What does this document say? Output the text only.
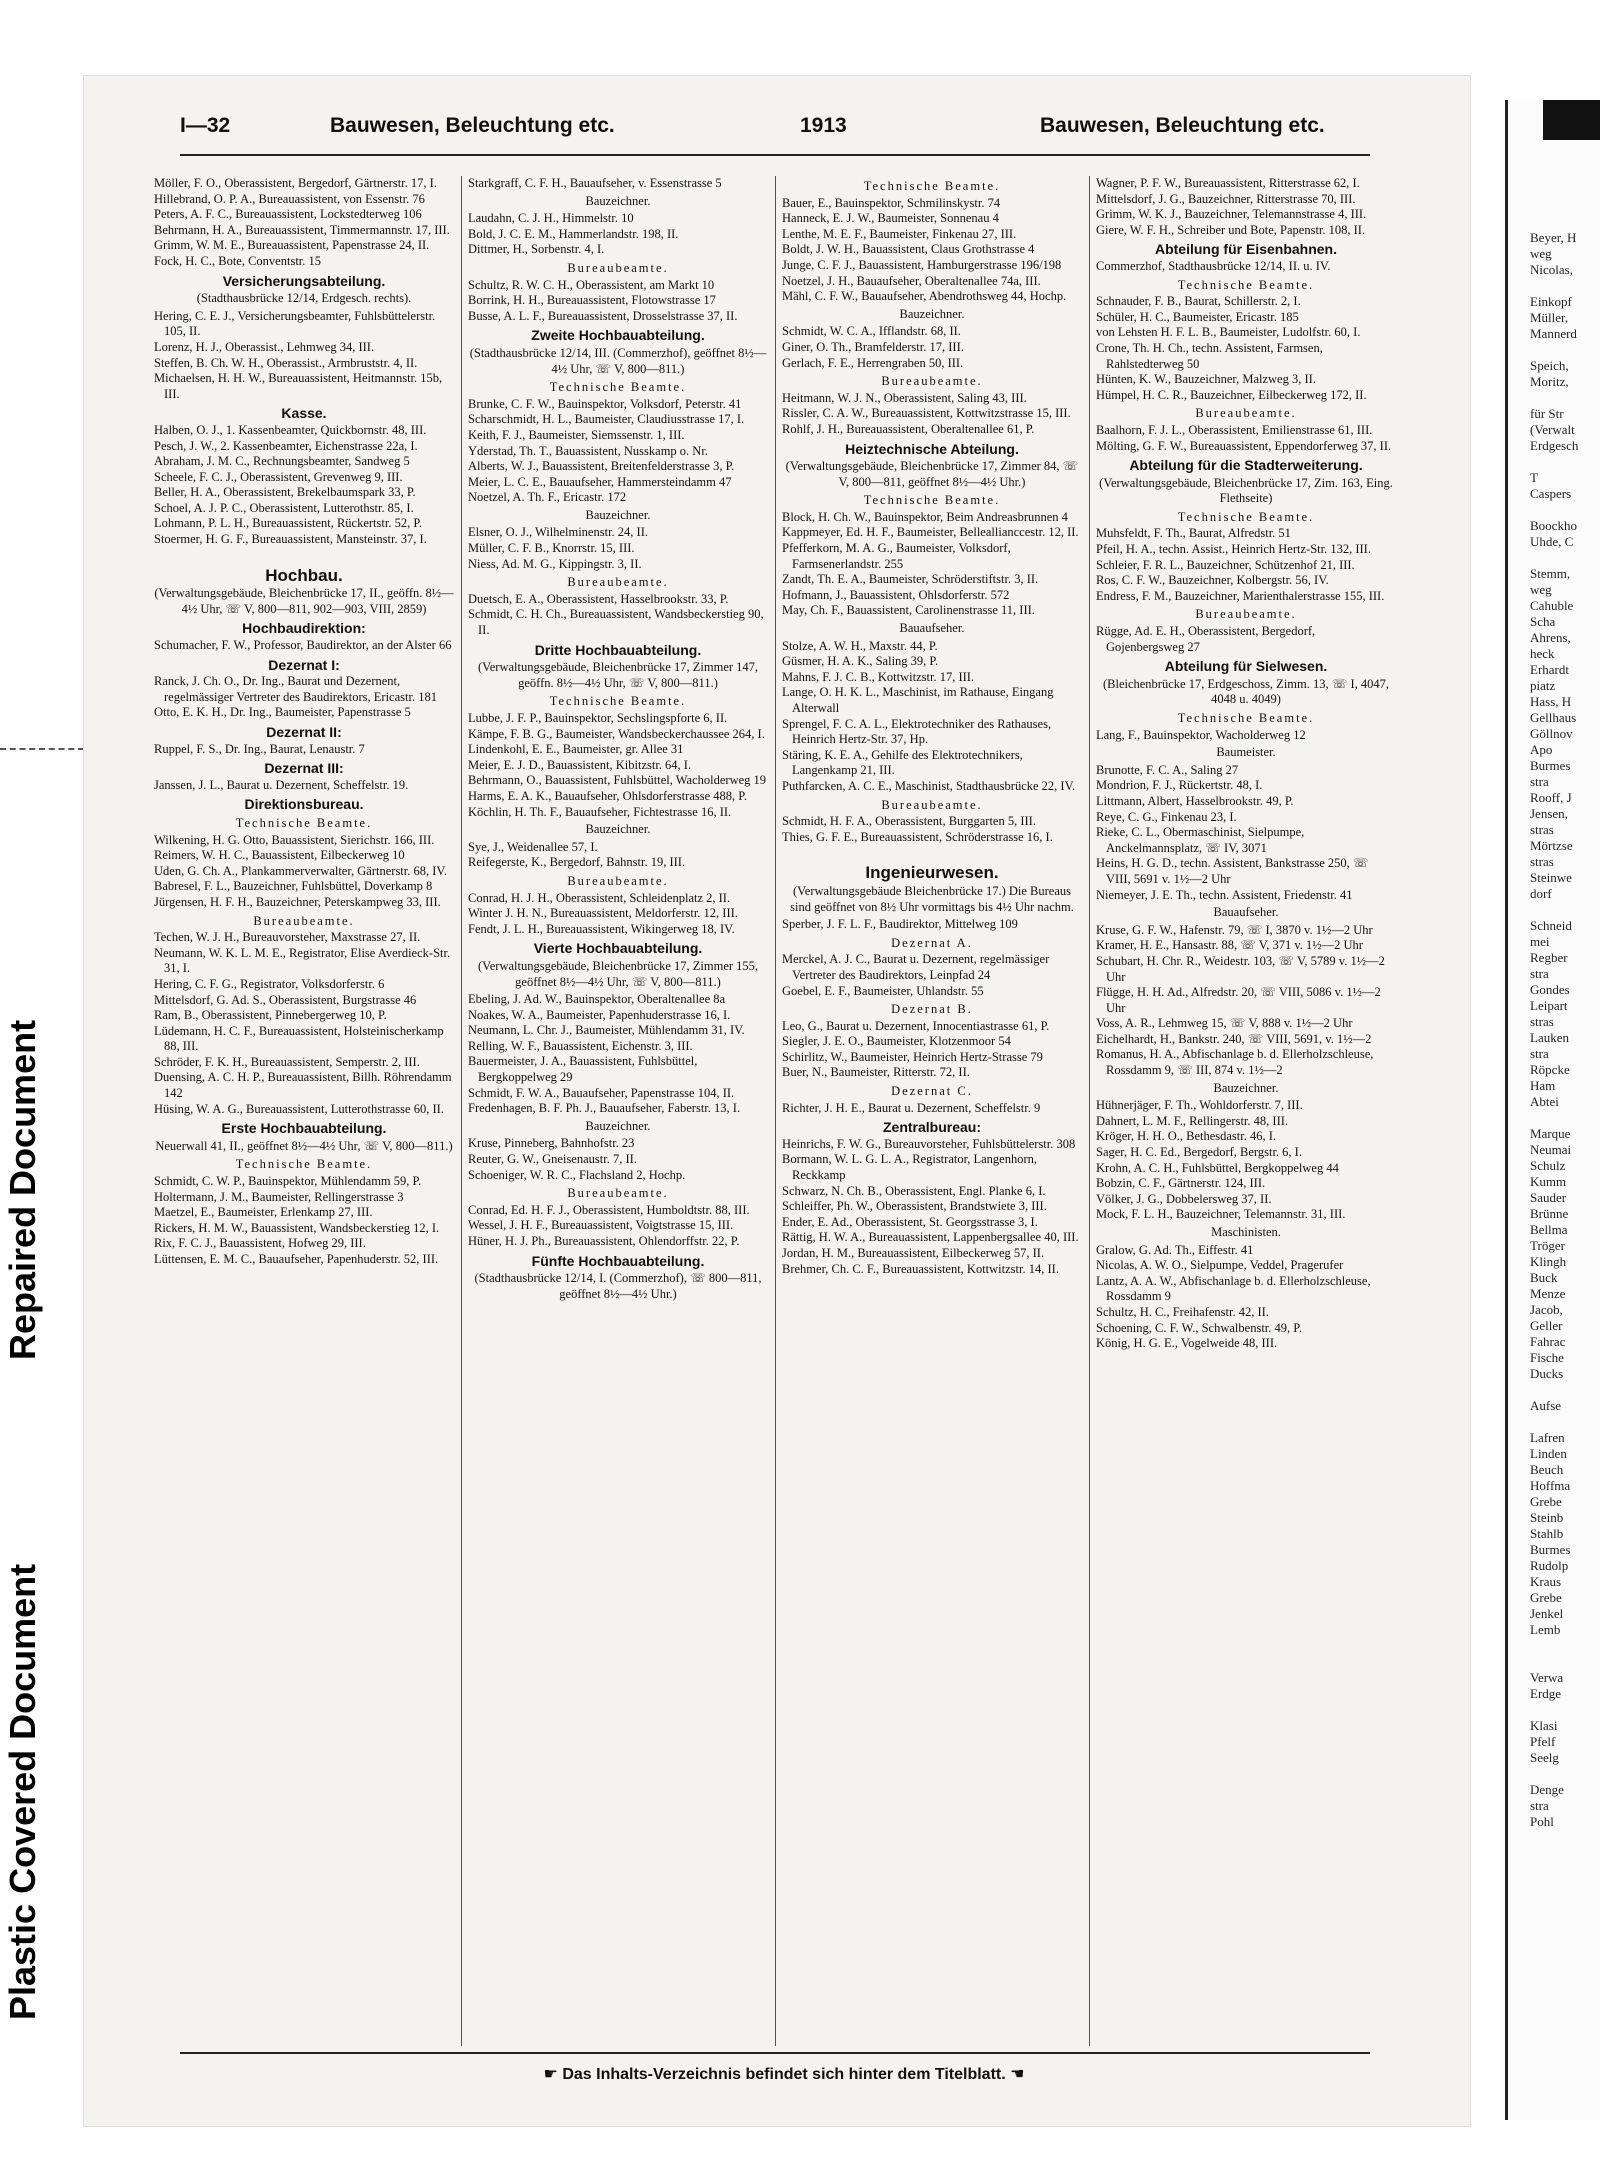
Repaired Document
Plastic Covered Document
I—32	Bauwesen, Beleuchtung etc.	1913	Bauwesen, Beleuchtung etc.

Möller, F. O., Oberassistent, Bergedorf, Gärtnerstr. 17, I.

Hillebrand, O. P. A., Bureauassistent, von Essenstr. 76

Peters, A. F. C., Bureauassistent, Lockstedterweg 106

Behrmann, H. A., Bureauassistent, Timmermannstr. 17, III.

Grimm, W. M. E., Bureauassistent, Papenstrasse 24, II.

Fock, H. C., Bote, Conventstr. 15

Versicherungsabteilung.

(Stadthausbrücke 12/14, Erdgesch. rechts).

Hering, C. E. J., Versicherungsbeamter, Fuhlsbüttelerstr. 105, II.

Lorenz, H. J., Oberassist., Lehmweg 34, III.

Steffen, B. Ch. W. H., Oberassist., Armbruststr. 4, II.

Michaelsen, H. H. W., Bureauassistent, Heitmannstr. 15b, III.

Kasse.

Halben, O. J., 1. Kassenbeamter, Quickbornstr. 48, III.

Pesch, J. W., 2. Kassenbeamter, Eichenstrasse 22a, I.

Abraham, J. M. C., Rechnungsbeamter, Sandweg 5

Scheele, F. C. J., Oberassistent, Grevenweg 9, III.

Beller, H. A., Oberassistent, Brekelbaumspark 33, P.

Schoel, A. J. P. C., Oberassistent, Lutterothstr. 85, I.

Lohmann, P. L. H., Bureauassistent, Rückertstr. 52, P.

Stoermer, H. G. F., Bureauassistent, Mansteinstr. 37, I.

Hochbau.

(Verwaltungsgebäude, Bleichenbrücke 17, II., geöffn. 8½—4½ Uhr, ☏ V, 800—811, 902—903, VIII, 2859)

Hochbaudirektion:

Schumacher, F. W., Professor, Baudirektor, an der Alster 66

Dezernat I:

Ranck, J. Ch. O., Dr. Ing., Baurat und Dezernent, regelmässiger Vertreter des Baudirektors, Ericastr. 181

Otto, E. K. H., Dr. Ing., Baumeister, Papenstrasse 5

Dezernat II:

Ruppel, F. S., Dr. Ing., Baurat, Lenaustr. 7

Dezernat III:

Janssen, J. L., Baurat u. Dezernent, Scheffelstr. 19.

Direktionsbureau.

Technische Beamte.

Wilkening, H. G. Otto, Bauassistent, Sierichstr. 166, III.

Reimers, W. H. C., Bauassistent, Eilbeckerweg 10

Uden, G. Ch. A., Plankammerverwalter, Gärtnerstr. 68, IV.

Babresel, F. L., Bauzeichner, Fuhlsbüttel, Doverkamp 8

Jürgensen, H. F. H., Bauzeichner, Peterskampweg 33, III.

Bureaubeamte.

Techen, W. J. H., Bureauvorsteher, Maxstrasse 27, II.

Neumann, W. K. L. M. E., Registrator, Elise Averdieck-Str. 31, I.

Hering, C. F. G., Registrator, Volksdorferstr. 6

Mittelsdorf, G. Ad. S., Oberassistent, Burgstrasse 46

Ram, B., Oberassistent, Pinnebergerweg 10, P.

Lüdemann, H. C. F., Bureauassistent, Holsteinischerkamp 88, III.

Schröder, F. K. H., Bureauassistent, Semperstr. 2, III.

Duensing, A. C. H. P., Bureauassistent, Billh. Röhrendamm 142

Hüsing, W. A. G., Bureauassistent, Lutterothstrasse 60, II.

Erste Hochbauabteilung.

Neuerwall 41, II., geöffnet 8½—4½ Uhr, ☏ V, 800—811.)

Technische Beamte.

Schmidt, C. W. P., Bauinspektor, Mühlendamm 59, P.

Holtermann, J. M., Baumeister, Rellingerstrasse 3

Maetzel, E., Baumeister, Erlenkamp 27, III.

Rickers, H. M. W., Bauassistent, Wandsbeckerstieg 12, I.

Rix, F. C. J., Bauassistent, Hofweg 29, III.

Lüttensen, E. M. C., Bauaufseher, Papenhuderstr. 52, III.

Starkgraff, C. F. H., Bauaufseher, v. Essenstrasse 5

Bauzeichner.

Laudahn, C. J. H., Himmelstr. 10

Bold, J. C. E. M., Hammerlandstr. 198, II.

Dittmer, H., Sorbenstr. 4, I.

Bureaubeamte.

Schultz, R. W. C. H., Oberassistent, am Markt 10

Borrink, H. H., Bureauassistent, Flotowstrasse 17

Busse, A. L. F., Bureauassistent, Drosselstrasse 37, II.

Zweite Hochbauabteilung.

(Stadthausbrücke 12/14, III. (Commerzhof), geöffnet 8½—4½ Uhr, ☏ V, 800—811.)

Technische Beamte.

Brunke, C. F. W., Bauinspektor, Volksdorf, Peterstr. 41

Scharschmidt, H. L., Baumeister, Claudiusstrasse 17, I.

Keith, F. J., Baumeister, Siemssenstr. 1, III.

Yderstad, Th. T., Bauassistent, Nusskamp o. Nr.

Alberts, W. J., Bauassistent, Breitenfelderstrasse 3, P.

Meier, L. C. E., Bauaufseher, Hammersteindamm 47

Noetzel, A. Th. F., Ericastr. 172

Bauzeichner.

Elsner, O. J., Wilhelminenstr. 24, II.

Müller, C. F. B., Knorrstr. 15, III.

Niess, Ad. M. G., Kippingstr. 3, II.

Bureaubeamte.

Duetsch, E. A., Oberassistent, Hasselbrookstr. 33, P.

Schmidt, C. H. Ch., Bureauassistent, Wandsbeckerstieg 90, II.

Dritte Hochbauabteilung.

(Verwaltungsgebäude, Bleichenbrücke 17, Zimmer 147, geöffn. 8½—4½ Uhr, ☏ V, 800—811.)

Technische Beamte.

Lubbe, J. F. P., Bauinspektor, Sechslingspforte 6, II.

Kämpe, F. B. G., Baumeister, Wandsbeckerchaussee 264, I.

Lindenkohl, E. E., Baumeister, gr. Allee 31

Meier, E. J. D., Bauassistent, Kibitzstr. 64, I.

Behrmann, O., Bauassistent, Fuhlsbüttel, Wacholderweg 19

Harms, E. A. K., Bauaufseher, Ohlsdorferstrasse 488, P.

Köchlin, H. Th. F., Bauaufseher, Fichtestrasse 16, II.

Bauzeichner.

Sye, J., Weidenallee 57, I.

Reifegerste, K., Bergedorf, Bahnstr. 19, III.

Bureaubeamte.

Conrad, H. J. H., Oberassistent, Schleidenplatz 2, II.

Winter J. H. N., Bureauassistent, Meldorferstr. 12, III.

Fendt, J. L. H., Bureauassistent, Wikingerweg 18, IV.

Vierte Hochbauabteilung.

(Verwaltungsgebäude, Bleichenbrücke 17, Zimmer 155, geöffnet 8½—4½ Uhr, ☏ V, 800—811.)

Ebeling, J. Ad. W., Bauinspektor, Oberaltenallee 8a

Noakes, W. A., Baumeister, Papenhuderstrasse 16, I.

Neumann, L. Chr. J., Baumeister, Mühlendamm 31, IV.

Relling, W. F., Bauassistent, Eichenstr. 3, III.

Bauermeister, J. A., Bauassistent, Fuhlsbüttel, Bergkoppelweg 29

Schmidt, F. W. A., Bauaufseher, Papenstrasse 104, II.

Fredenhagen, B. F. Ph. J., Bauaufseher, Faberstr. 13, I.

Bauzeichner.

Kruse, Pinneberg, Bahnhofstr. 23

Reuter, G. W., Gneisenaustr. 7, II.

Schoeniger, W. R. C., Flachsland 2, Hochp.

Bureaubeamte.

Conrad, Ed. H. F. J., Oberassistent, Humboldtstr. 88, III.

Wessel, J. H. F., Bureauassistent, Voigtstrasse 15, III.

Hüner, H. J. Ph., Bureauassistent, Ohlendorffstr. 22, P.

Fünfte Hochbauabteilung.

(Stadthausbrücke 12/14, I. (Commerzhof), ☏ 800—811, geöffnet 8½—4½ Uhr.)

Technische Beamte.

Bauer, E., Bauinspektor, Schmilinskystr. 74

Hanneck, E. J. W., Baumeister, Sonnenau 4

Lenthe, M. E. F., Baumeister, Finkenau 27, III.

Boldt, J. W. H., Bauassistent, Claus Grothstrasse 4

Junge, C. F. J., Bauassistent, Hamburgerstrasse 196/198

Noetzel, J. H., Bauaufseher, Oberaltenallee 74a, III.

Mähl, C. F. W., Bauaufseher, Abendrothsweg 44, Hochp.

Bauzeichner.

Schmidt, W. C. A., Ifflandstr. 68, II.

Giner, O. Th., Bramfelderstr. 17, III.

Gerlach, F. E., Herrengraben 50, III.

Bureaubeamte.

Heitmann, W. J. N., Oberassistent, Saling 43, III.

Rissler, C. A. W., Bureauassistent, Kottwitzstrasse 15, III.

Rohlf, J. H., Bureauassistent, Oberaltenallee 61, P.

Heiztechnische Abteilung.

(Verwaltungsgebäude, Bleichenbrücke 17, Zimmer 84, ☏ V, 800—811, geöffnet 8½—4½ Uhr.)

Technische Beamte.

Block, H. Ch. W., Bauinspektor, Beim Andreasbrunnen 4

Kappmeyer, Ed. H. F., Baumeister, Belleallianccestr. 12, II.

Pfefferkorn, M. A. G., Baumeister, Volksdorf, Farmsenerlandstr. 255

Zandt, Th. E. A., Baumeister, Schröderstiftstr. 3, II.

Hofmann, J., Bauassistent, Ohlsdorferstr. 572

May, Ch. F., Bauassistent, Carolinenstrasse 11, III.

Bauaufseher.

Stolze, A. W. H., Maxstr. 44, P.

Güsmer, H. A. K., Saling 39, P.

Mahns, F. J. C. B., Kottwitzstr. 17, III.

Lange, O. H. K. L., Maschinist, im Rathause, Eingang Alterwall

Sprengel, F. C. A. L., Elektrotechniker des Rathauses, Heinrich Hertz-Str. 37, Hp.

Stäring, K. E. A., Gehilfe des Elektrotechnikers, Langenkamp 21, III.

Puthfarcken, A. C. E., Maschinist, Stadthausbrücke 22, IV.

Bureaubeamte.

Schmidt, H. F. A., Oberassistent, Burggarten 5, III.

Thies, G. F. E., Bureauassistent, Schröderstrasse 16, I.

Ingenieurwesen.

(Verwaltungsgebäude Bleichenbrücke 17.) Die Bureaus sind geöffnet von 8½ Uhr vormittags bis 4½ Uhr nachm.

Sperber, J. F. L. F., Baudirektor, Mittelweg 109

Dezernat A.

Merckel, A. J. C., Baurat u. Dezernent, regelmässiger Vertreter des Baudirektors, Leinpfad 24

Goebel, E. F., Baumeister, Uhlandstr. 55

Dezernat B.

Leo, G., Baurat u. Dezernent, Innocentiastrasse 61, P.

Siegler, J. E. O., Baumeister, Klotzenmoor 54

Schirlitz, W., Baumeister, Heinrich Hertz-Strasse 79

Buer, N., Baumeister, Ritterstr. 72, II.

Dezernat C.

Richter, J. H. E., Baurat u. Dezernent, Scheffelstr. 9

Zentralbureau:

Heinrichs, F. W. G., Bureauvorsteher, Fuhlsbüttelerstr. 308

Bormann, W. L. G. L. A., Registrator, Langenhorn, Reckkamp

Schwarz, N. Ch. B., Oberassistent, Engl. Planke 6, I.

Schleiffer, Ph. W., Oberassistent, Brandstwiete 3, III.

Ender, E. Ad., Oberassistent, St. Georgsstrasse 3, I.

Rättig, H. W. A., Bureauassistent, Lappenbergsallee 40, III.

Jordan, H. M., Bureauassistent, Eilbeckerweg 57, II.

Brehmer, Ch. C. F., Bureauassistent, Kottwitzstr. 14, II.

Wagner, P. F. W., Bureauassistent, Ritterstrasse 62, I.

Mittelsdorf, J. G., Bauzeichner, Ritterstrasse 70, III.

Grimm, W. K. J., Bauzeichner, Telemannstrasse 4, III.

Giere, W. F. H., Schreiber und Bote, Papenstr. 108, II.

Abteilung für Eisenbahnen.

Commerzhof, Stadthausbrücke 12/14, II. u. IV.

Technische Beamte.

Schnauder, F. B., Baurat, Schillerstr. 2, I.

Schüler, H. C., Baumeister, Ericastr. 185

von Lehsten H. F. L. B., Baumeister, Ludolfstr. 60, I.

Crone, Th. H. Ch., techn. Assistent, Farmsen, Rahlstedterweg 50

Hünten, K. W., Bauzeichner, Malzweg 3, II.

Hümpel, H. C. R., Bauzeichner, Eilbeckerweg 172, II.

Bureaubeamte.

Baalhorn, F. J. L., Oberassistent, Emilienstrasse 61, III.

Mölting, G. F. W., Bureauassistent, Eppendorferweg 37, II.

Abteilung für die Stadterweiterung.

(Verwaltungsgebäude, Bleichenbrücke 17, Zim. 163, Eing. Flethseite)

Technische Beamte.

Muhsfeldt, F. Th., Baurat, Alfredstr. 51

Pfeil, H. A., techn. Assist., Heinrich Hertz-Str. 132, III.

Schleier, F. R. L., Bauzeichner, Schützenhof 21, III.

Ros, C. F. W., Bauzeichner, Kolbergstr. 56, IV.

Endress, F. M., Bauzeichner, Marienthalerstrasse 155, III.

Bureaubeamte.

Rügge, Ad. E. H., Oberassistent, Bergedorf, Gojenbergsweg 27

Abteilung für Sielwesen.

(Bleichenbrücke 17, Erdgeschoss, Zimm. 13, ☏ I, 4047, 4048 u. 4049)

Technische Beamte.

Lang, F., Bauinspektor, Wacholderweg 12

Baumeister.

Brunotte, F. C. A., Saling 27

Mondrion, F. J., Rückertstr. 48, I.

Littmann, Albert, Hasselbrookstr. 49, P.

Reye, C. G., Finkenau 23, I.

Rieke, C. L., Obermaschinist, Sielpumpe, Anckelmannsplatz, ☏ IV, 3071

Heins, H. G. D., techn. Assistent, Bankstrasse 250, ☏ VIII, 5691 v. 1½—2 Uhr

Niemeyer, J. E. Th., techn. Assistent, Friedenstr. 41

Bauaufseher.

Kruse, G. F. W., Hafenstr. 79, ☏ I, 3870 v. 1½—2 Uhr

Kramer, H. E., Hansastr. 88, ☏ V, 371 v. 1½—2 Uhr

Schubart, H. Chr. R., Weidestr. 103, ☏ V, 5789 v. 1½—2 Uhr

Flügge, H. H. Ad., Alfredstr. 20, ☏ VIII, 5086 v. 1½—2 Uhr

Voss, A. R., Lehmweg 15, ☏ V, 888 v. 1½—2 Uhr

Eichelhardt, H., Bankstr. 240, ☏ VIII, 5691, v. 1½—2

Romanus, H. A., Abfischanlage b. d. Ellerholzschleuse, Rossdamm 9, ☏ III, 874 v. 1½—2

Bauzeichner.

Hühnerjäger, F. Th., Wohldorferstr. 7, III.

Dahnert, L. M. F., Rellingerstr. 48, III.

Kröger, H. H. O., Bethesdastr. 46, I.

Sager, H. C. Ed., Bergedorf, Bergstr. 6, I.

Krohn, A. C. H., Fuhlsbüttel, Bergkoppelweg 44

Bobzin, C. F., Gärtnerstr. 124, III.

Völker, J. G., Dobbelersweg 37, II.

Mock, F. L. H., Bauzeichner, Telemannstr. 31, III.

Maschinisten.

Gralow, G. Ad. Th., Eiffestr. 41

Nicolas, A. W. O., Sielpumpe, Veddel, Pragerufer

Lantz, A. A. W., Abfischanlage b. d. Ellerholzschleuse, Rossdamm 9

Schultz, H. C., Freihafenstr. 42, II.

Schoening, C. F. W., Schwalbenstr. 49, P.

König, H. G. E., Vogelweide 48, III.

☛ Das Inhalts-Verzeichnis befindet sich hinter dem Titelblatt. ☚
Beyer, H
weg
Nicolas,

Einkopf
Müller,
Mannerd

Speich,
Moritz,

für Str
(Verwalt
Erdgesch

T
Caspers

Boockho
Uhde, C

Stemm,
weg
Cahuble
Scha
Ahrens,
heck
Erhardt
piatz
Hass, H
Gellhaus
Göllnov
Apo
Burmes
stra
Rooff, J
Jensen,
stras
Mörtzse
stras
Steinwe
dorf

Schneid
mei
Regber
stra
Gondes
Leipart
stras
Lauken
stra
Röpcke
Ham
Abtei

Marque
Neumai
Schulz
Kumm
Sauder
Brünne
Bellma
Tröger
Klingh
Buck
Menze
Jacob,
Geller
Fahrac
Fische
Ducks

Aufse

Lafren
Linden
Beuch
Hoffma
Grebe
Steinb
Stahlb
Burmes
Rudolp
Kraus
Grebe
Jenkel
Lemb

Verwa
Erdge

Klasi
Pfelf
Seelg

Denge
stra
Pohl
